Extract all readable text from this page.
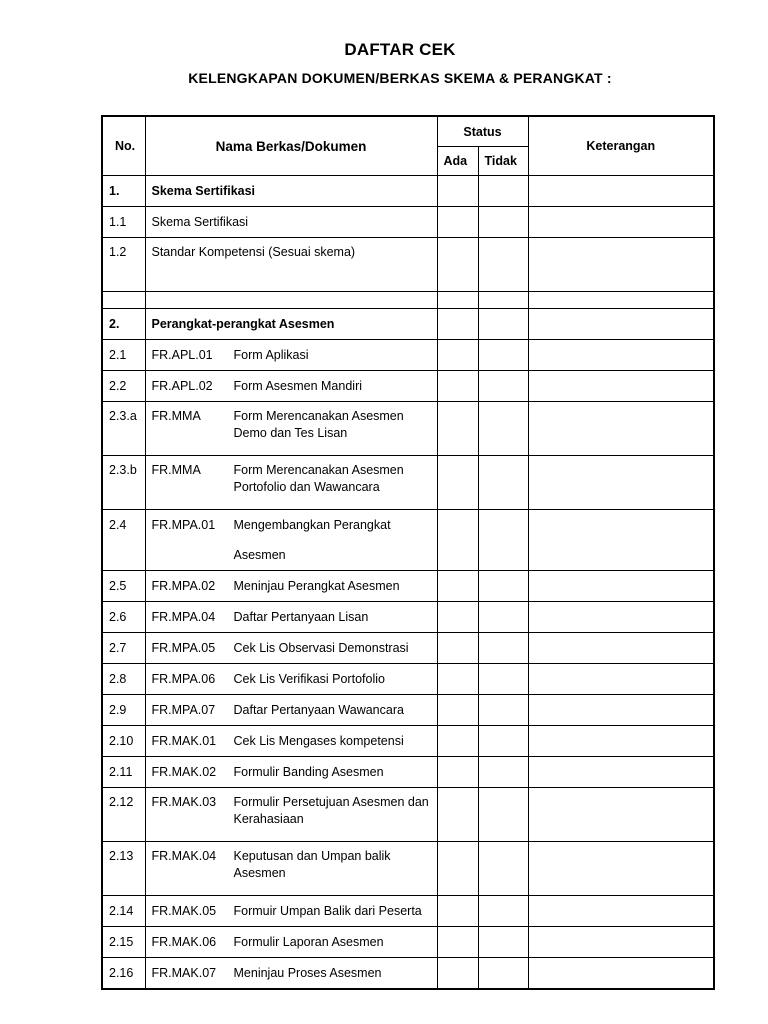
DAFTAR CEK
KELENGKAPAN DOKUMEN/BERKAS SKEMA & PERANGKAT :
No.	Nama Berkas/Dokumen	Status		Keterangan
		Ada	Tidak	
1.	Skema Sertifikasi			
1.1	Skema Sertifikasi			

1.2	Standar Kompetensi (Sesuai skema)			

2.	Perangkat-perangkat Asesmen			
2.1	FR.APL.01 Form Aplikasi			

2.2	FR.APL.02 Form Asesmen Mandiri			

2.3.a	FR.MMA Form Merencanakan Asesmen Demo dan Tes Lisan			

2.3.b	FR.MMA Form Merencanakan Asesmen Portofolio dan Wawancara			

2.4	FR.MPA.01 Mengembangkan Perangkat Asesmen			

2.5	FR.MPA.02 Meninjau Perangkat Asesmen			

2.6	FR.MPA.04 Daftar Pertanyaan Lisan			

2.7	FR.MPA.05 Cek Lis Observasi Demonstrasi			

2.8	FR.MPA.06 Cek Lis Verifikasi Portofolio			

2.9	FR.MPA.07 Daftar Pertanyaan Wawancara			

2.10	FR.MAK.01 Cek Lis Mengases kompetensi			

2.11	FR.MAK.02 Formulir Banding Asesmen			

2.12	FR.MAK.03 Formulir Persetujuan Asesmen dan Kerahasiaan			

2.13	FR.MAK.04 Keputusan dan Umpan balik Asesmen			

2.14	FR.MAK.05 Formuir Umpan Balik dari Peserta			

2.15	FR.MAK.06 Formulir Laporan Asesmen			

2.16	FR.MAK.07 Meninjau Proses Asesmen			
